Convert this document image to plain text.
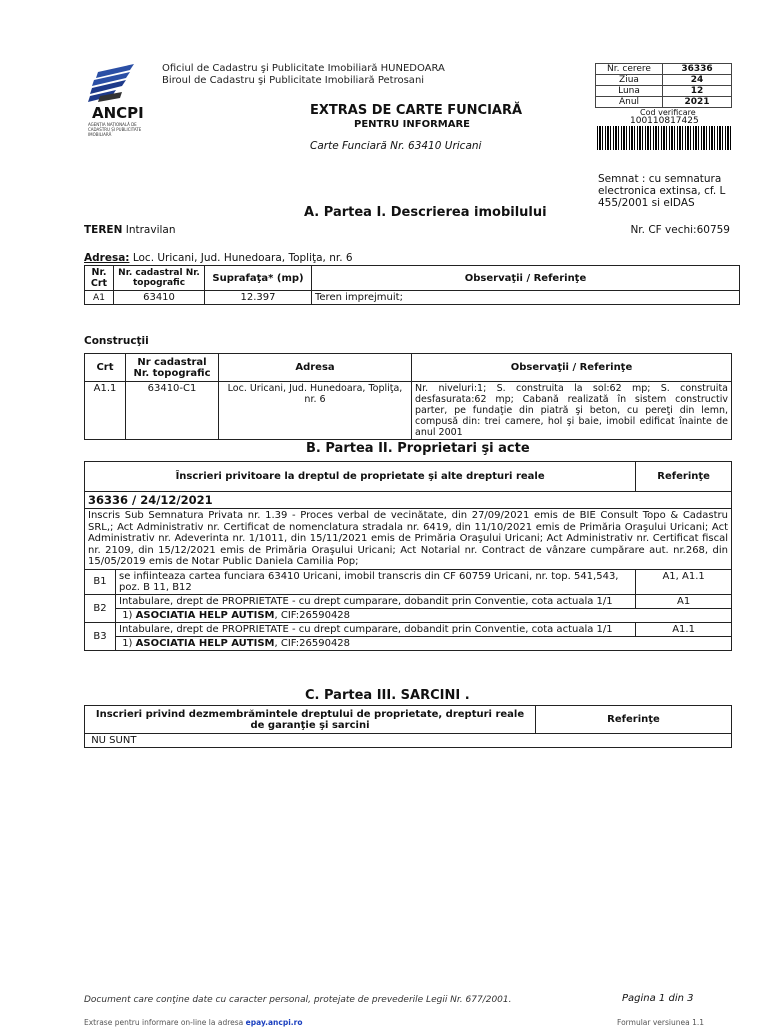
ANCPI
AGENȚIA NAȚIONALĂ DE CADASTRU ȘI PUBLICITATE IMOBILIARĂ
Oficiul de Cadastru şi Publicitate Imobiliară HUNEDOARA
Biroul de Cadastru şi Publicitate Imobiliară Petrosani
EXTRAS DE CARTE FUNCIARĂ
PENTRU INFORMARE
Carte Funciară Nr. 63410 Uricani
Nr. cerere	36336
Ziua	24
Luna	12
Anul	2021
Cod verificare
100110817425
Semnat : cu semnatura electronica extinsa, cf. L 455/2001 si eIDAS
A. Partea I. Descrierea imobilului
TEREN Intravilan	Nr. CF vechi:60759
Adresa: Loc. Uricani, Jud. Hunedoara, Topliţa, nr. 6
Nr. Crt	Nr. cadastral Nr. topografic	Suprafaţa* (mp)	Observaţii / Referinţe
A1	63410	12.397	Teren imprejmuit;
Construcţii
Crt	Nr cadastral Nr. topografic	Adresa	Observaţii / Referinţe
A1.1	63410-C1	Loc. Uricani, Jud. Hunedoara, Topliţa, nr. 6	Nr. niveluri:1; S. construita la sol:62 mp; S. construita desfasurata:62 mp; Cabană realizată în sistem constructiv parter, pe fundaţie din piatră şi beton, cu pereţi din lemn, compusă din: trei camere, hol şi baie, imobil edificat înainte de anul 2001
B. Partea II. Proprietari şi acte
Înscrieri privitoare la dreptul de proprietate şi alte drepturi reale		Referinţe
36336 / 24/12/2021		
Inscris Sub Semnatura Privata nr. 1.39 - Proces verbal de vecinătate, din 27/09/2021 emis de BIE Consult Topo & Cadastru SRL,; Act Administrativ nr. Certificat de nomenclatura stradala nr. 6419, din 11/10/2021 emis de Primăria Oraşului Uricani; Act Administrativ nr. Adeverinta nr. 1/1011, din 15/11/2021 emis de Primăria Oraşului Uricani; Act Administrativ nr. Certificat fiscal nr. 2109, din 15/12/2021 emis de Primăria Oraşului Uricani; Act Notarial nr. Contract de vânzare cumpărare aut. nr.268, din 15/05/2019 emis de Notar Public Daniela Camilia Pop;		
B1	se infiinteaza cartea funciara 63410 Uricani, imobil transcris din CF 60759 Uricani, nr. top. 541,543, poz. B 11, B12	A1, A1.1
B2	Intabulare, drept de PROPRIETATE - cu drept cumparare, dobandit prin Conventie, cota actuala 1/1	A1
	1) ASOCIATIA HELP AUTISM, CIF:26590428	
B3	Intabulare, drept de PROPRIETATE - cu drept cumparare, dobandit prin Conventie, cota actuala 1/1	A1.1
	1) ASOCIATIA HELP AUTISM, CIF:26590428	
C. Partea III. SARCINI .
Inscrieri privind dezmembrămintele dreptului de proprietate, drepturi reale de garanţie şi sarcini	Referinţe
NU SUNT
Document care conţine date cu caracter personal, protejate de prevederile Legii Nr. 677/2001.	Pagina 1 din 3
Extrase pentru informare on-line la adresa epay.ancpi.ro	Formular versiunea 1.1
